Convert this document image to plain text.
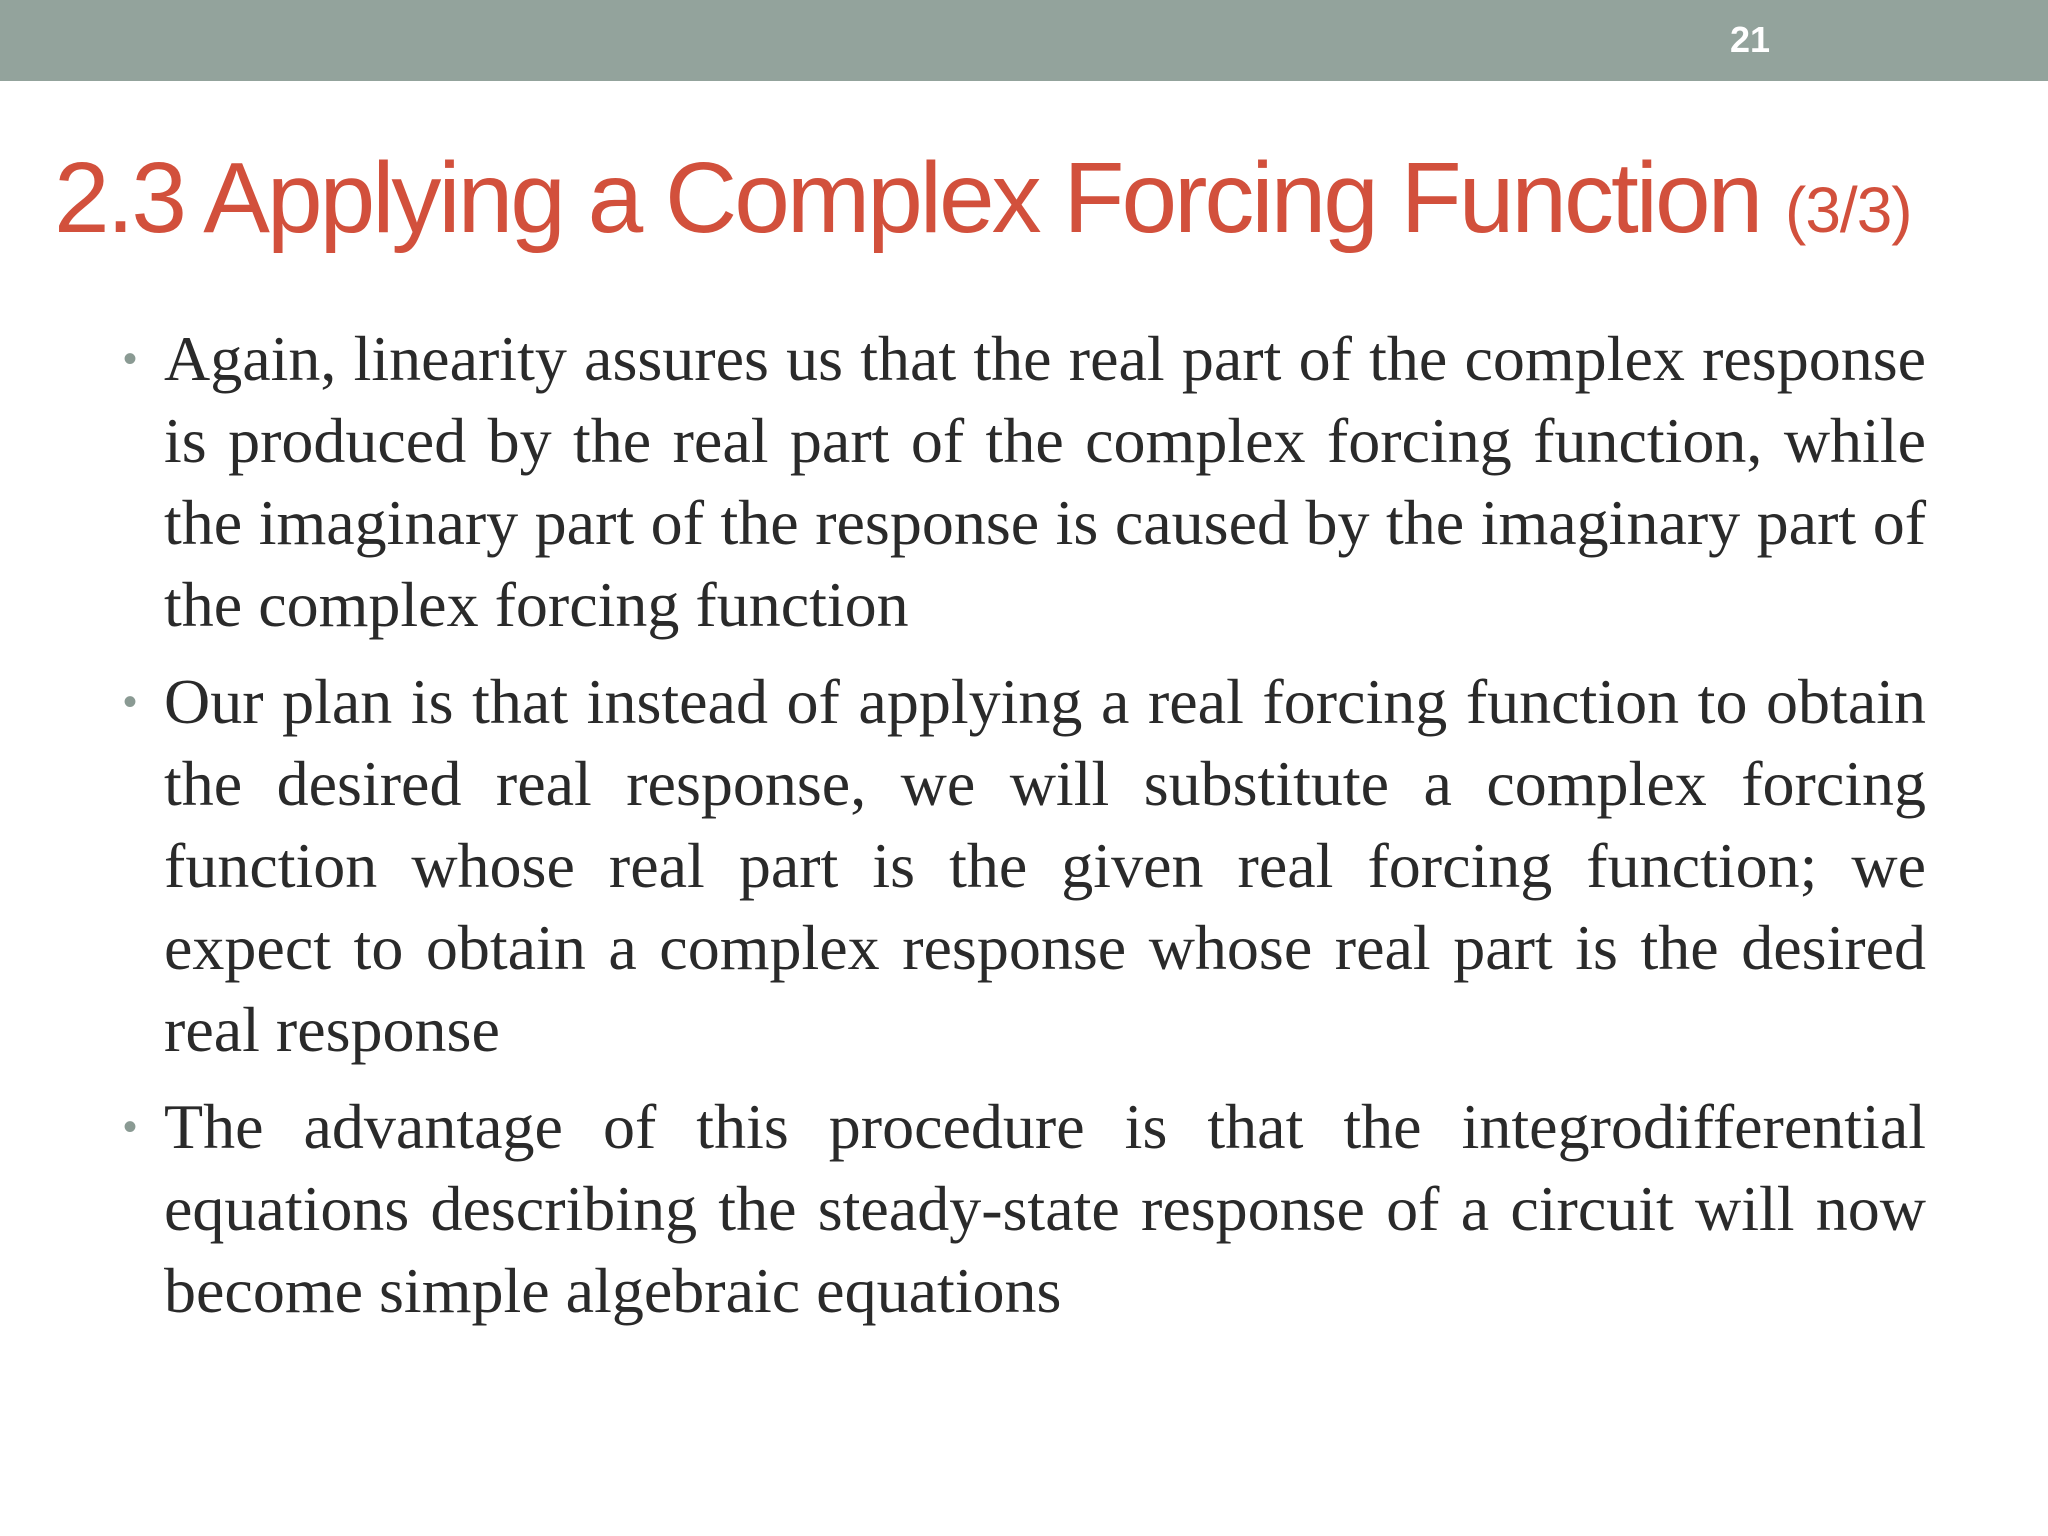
21
2.3 Applying a Complex Forcing Function (3/3)
• Again, linearity assures us that the real part of the complex response is produced by the real part of the complex forcing function, while the imaginary part of the response is caused by the imaginary part of the complex forcing function
• Our plan is that instead of applying a real forcing function to obtain the desired real response, we will substitute a complex forcing function whose real part is the given real forcing function; we expect to obtain a complex response whose real part is the desired real response
• The advantage of this procedure is that the integrodifferential equations describing the steady-state response of a circuit will now become simple algebraic equations
